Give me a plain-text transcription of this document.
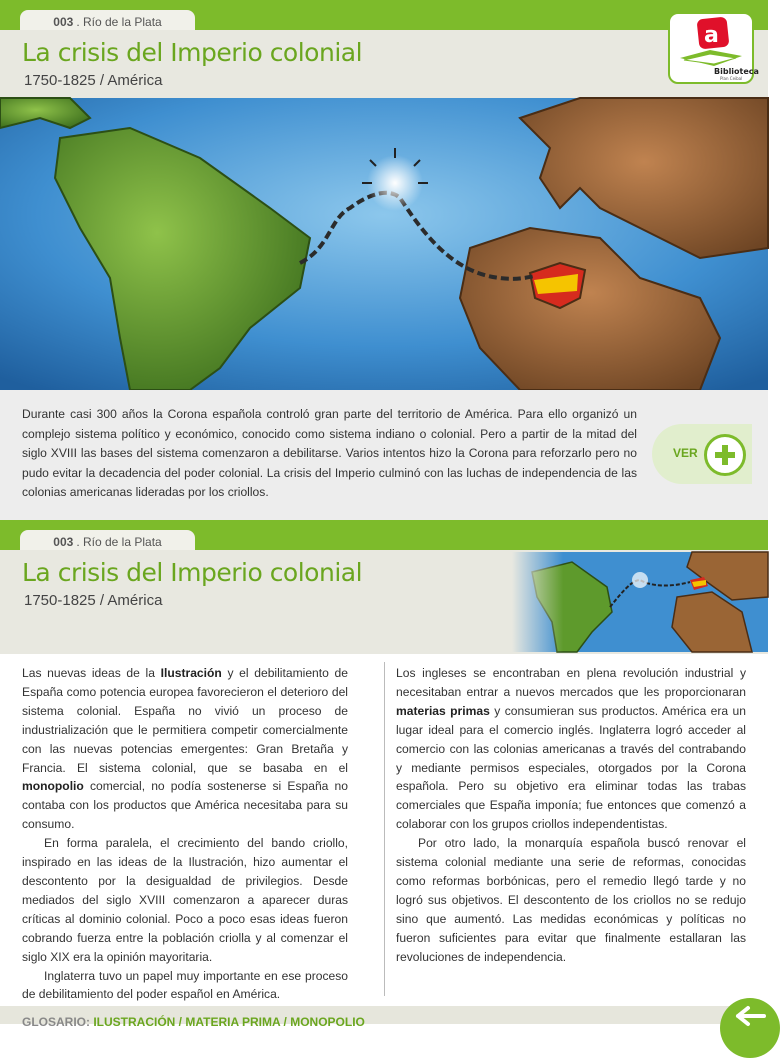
003 . Río de la Plata
La crisis del Imperio colonial
1750-1825 / América
a
Biblioteca
Plan Ceibal

Durante casi 300 años la Corona española controló gran parte del territorio de América. Para ello organizó un complejo sistema político y económico, conocido como sistema indiano o colonial. Pero a partir de la mitad del siglo XVIII las bases del sistema comenzaron a debilitarse. Varios intentos hizo la Corona para reforzarlo pero no pudo evitar la decadencia del poder colonial. La crisis del Imperio culminó con las luchas de independencia de las colonias americanas lideradas por los criollos.

VER
003 . Río de la Plata
La crisis del Imperio colonial
1750-1825 / América

Las nuevas ideas de la Ilustración y el debilitamiento de España como potencia europea favorecieron el deterioro del sistema colonial. España no vivió un proceso de industrialización que le permitiera competir comercialmente con las nuevas potencias emergentes: Gran Bretaña y Francia. El sistema colonial, que se basaba en el monopolio comercial, no podía sostenerse si España no contaba con los productos que América necesitaba para su consumo.

En forma paralela, el crecimiento del bando criollo, inspirado en las ideas de la Ilustración, hizo aumentar el descontento por la desigualdad de privilegios. Desde mediados del siglo XVIII comenzaron a aparecer duras críticas al dominio colonial. Poco a poco esas ideas fueron cobrando fuerza entre la población criolla y al comenzar el siglo XIX era la opinión mayoritaria.

Inglaterra tuvo un papel muy importante en ese proceso de debilitamiento del poder español en América.

Los ingleses se encontraban en plena revolución industrial y necesitaban entrar a nuevos mercados que les proporcionaran materias primas y consumieran sus productos. América era un lugar ideal para el comercio inglés. Inglaterra logró acceder al comercio con las colonias americanas a través del contrabando y mediante permisos especiales, otorgados por la Corona española. Pero su objetivo era eliminar todas las trabas comerciales que España imponía; fue entonces que comenzó a colaborar con los grupos criollos independentistas.

Por otro lado, la monarquía española buscó renovar el sistema colonial mediante una serie de reformas, conocidas como reformas borbónicas, pero el remedio llegó tarde y no logró sus objetivos. El descontento de los criollos no se redujo sino que aumentó. Las medidas económicas y políticas no fueron suficientes para evitar que finalmente estallaran las revoluciones de independencia.

GLOSARIO: ILUSTRACIÓN / MATERIA PRIMA / MONOPOLIO
